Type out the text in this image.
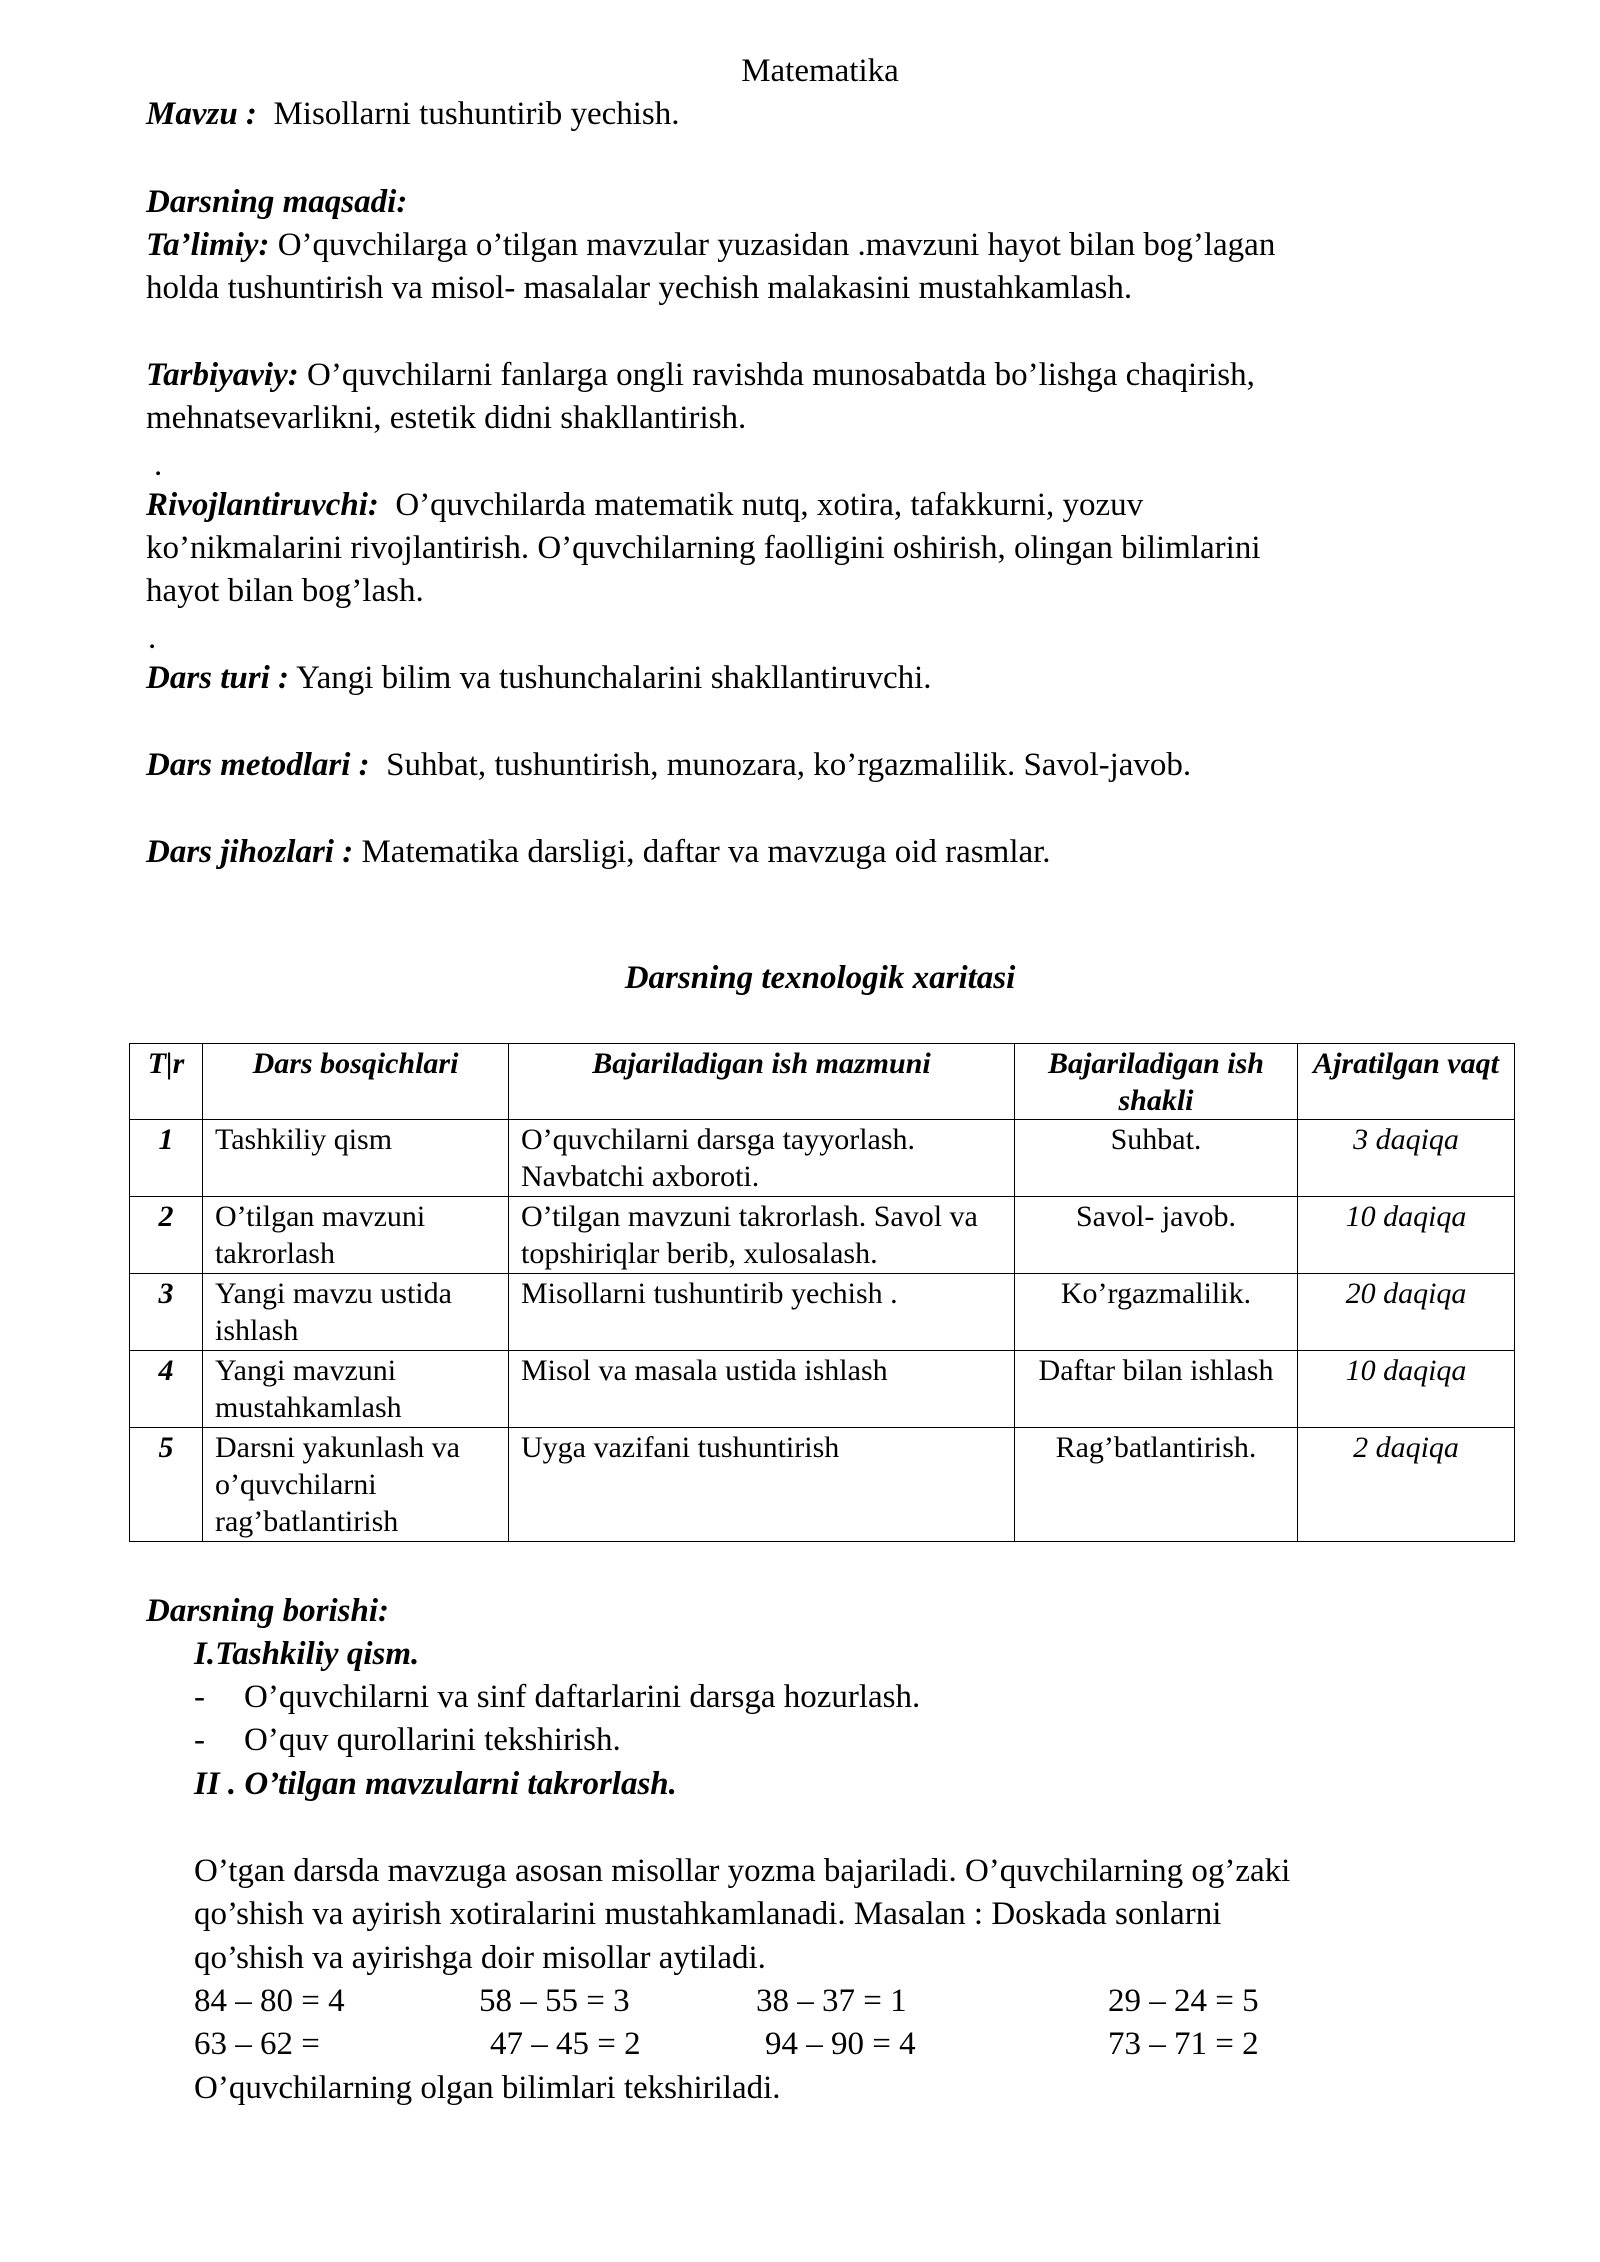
Matematika
Mavzu : Misollarni tushuntirib yechish.
Darsning maqsadi:
Ta’limiy: O’quvchilarga o’tilgan mavzular yuzasidan .mavzuni hayot bilan bog’lagan
holda tushuntirish va misol- masalalar yechish malakasini mustahkamlash.
Tarbiyaviy: O’quvchilarni fanlarga ongli ravishda munosabatda bo’lishga chaqirish,
mehnatsevarlikni, estetik didni shakllantirish.
.
Rivojlantiruvchi: O’quvchilarda matematik nutq, xotira, tafakkurni, yozuv
ko’nikmalarini rivojlantirish. O’quvchilarning faolligini oshirish, olingan bilimlarini
hayot bilan bog’lash.
.
Dars turi : Yangi bilim va tushunchalarini shakllantiruvchi.
Dars metodlari : Suhbat, tushuntirish, munozara, ko’rgazmalilik. Savol-javob.
Dars jihozlari : Matematika darsligi, daftar va mavzuga oid rasmlar.
Darsning texnologik xaritasi
T|r	Dars bosqichlari	Bajariladigan ish mazmuni	Bajariladigan ish shakli	Ajratilgan vaqt
1	Tashkiliy qism	O’quvchilarni darsga tayyorlash. Navbatchi axboroti.	Suhbat.	3 daqiqa
2	O’tilgan mavzuni takrorlash	O’tilgan mavzuni takrorlash. Savol va topshiriqlar berib, xulosalash.	Savol- javob.	10 daqiqa
3	Yangi mavzu ustida ishlash	Misollarni tushuntirib yechish .	Ko’rgazmalilik.	20 daqiqa
4	Yangi mavzuni mustahkamlash	Misol va masala ustida ishlash	Daftar bilan ishlash	10 daqiqa
5	Darsni yakunlash va o’quvchilarni rag’batlantirish	Uyga vazifani tushuntirish	Rag’batlantirish.	2 daqiqa
Darsning borishi:
I.Tashkiliy qism.
- O’quvchilarni va sinf daftarlarini darsga hozurlash.
- O’quv qurollarini tekshirish.
II . O’tilgan mavzularni takrorlash.
O’tgan darsda mavzuga asosan misollar yozma bajariladi. O’quvchilarning og’zaki
qo’shish va ayirish xotiralarini mustahkamlanadi. Masalan : Doskada sonlarni
qo’shish va ayirishga doir misollar aytiladi.
84 – 80 = 4	58 – 55 = 3	38 – 37 = 1	29 – 24 = 5
63 – 62 =	47 – 45 = 2	94 – 90 = 4	73 – 71 = 2
O’quvchilarning olgan bilimlari tekshiriladi.
